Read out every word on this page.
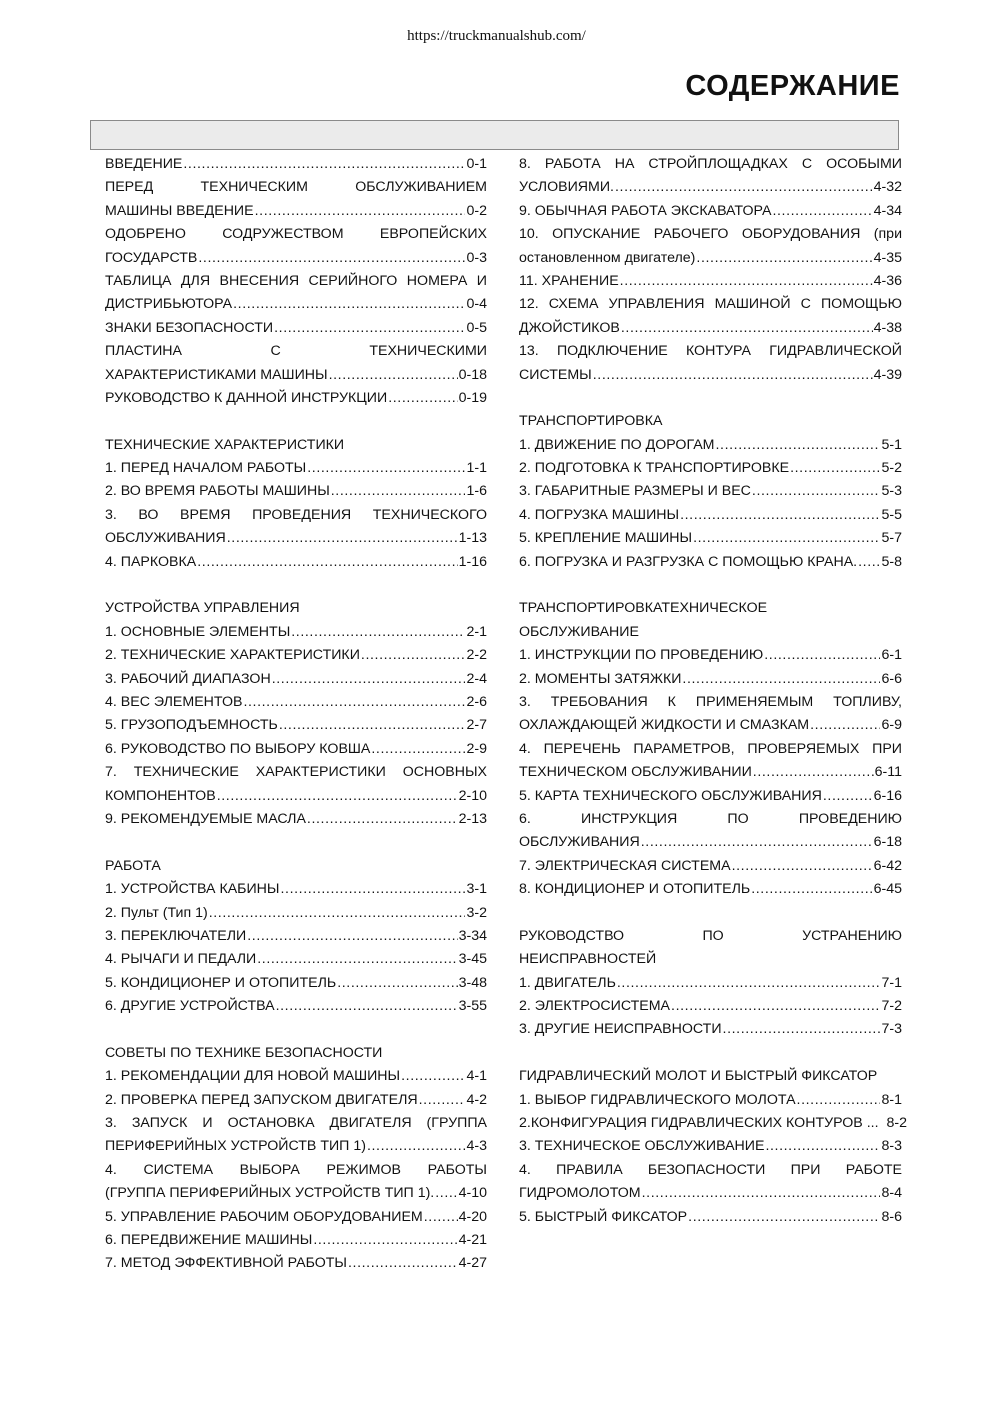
https://truckmanualshub.com/
СОДЕРЖАНИЕ
ВВЕДЕНИЕ .....	0-1
ПЕРЕД ТЕХНИЧЕСКИМ ОБСЛУЖИВАНИЕМ
МАШИНЫ ВВЕДЕНИЕ .....	0-2
ОДОБРЕНО СОДРУЖЕСТВОМ ЕВРОПЕЙСКИХ
ГОСУДАРСТВ .....	0-3
ТАБЛИЦА ДЛЯ ВНЕСЕНИЯ СЕРИЙНОГО НОМЕРА И
ДИСТРИБЬЮТОРА .....	0-4
ЗНАКИ БЕЗОПАСНОСТИ .....	0-5
ПЛАСТИНА С ТЕХНИЧЕСКИМИ
ХАРАКТЕРИСТИКАМИ МАШИНЫ .....	0-18
РУКОВОДСТВО К ДАННОЙ ИНСТРУКЦИИ .....	0-19
ТЕХНИЧЕСКИЕ ХАРАКТЕРИСТИКИ
1. ПЕРЕД НАЧАЛОМ РАБОТЫ .....	1-1
2. ВО ВРЕМЯ РАБОТЫ МАШИНЫ .....	1-6
3. ВО ВРЕМЯ ПРОВЕДЕНИЯ ТЕХНИЧЕСКОГО
ОБСЛУЖИВАНИЯ .....	1-13
4. ПАРКОВКА .....	1-16
УСТРОЙСТВА УПРАВЛЕНИЯ
1. ОСНОВНЫЕ ЭЛЕМЕНТЫ .....	2-1
2. ТЕХНИЧЕСКИЕ ХАРАКТЕРИСТИКИ .....	2-2
3. РАБОЧИЙ ДИАПАЗОН .....	2-4
4. ВЕС ЭЛЕМЕНТОВ .....	2-6
5. ГРУЗОПОДЪЕМНОСТЬ .....	2-7
6. РУКОВОДСТВО ПО ВЫБОРУ КОВША .....	2-9
7. ТЕХНИЧЕСКИЕ ХАРАКТЕРИСТИКИ ОСНОВНЫХ
КОМПОНЕНТОВ .....	2-10
9. РЕКОМЕНДУЕМЫЕ МАСЛА .....	2-13
РАБОТА
1. УСТРОЙСТВА КАБИНЫ .....	3-1
2. Пульт (Тип 1) .....	3-2
3. ПЕРЕКЛЮЧАТЕЛИ .....	3-34
4. РЫЧАГИ И ПЕДАЛИ .....	3-45
5. КОНДИЦИОНЕР И ОТОПИТЕЛЬ .....	3-48
6. ДРУГИЕ УСТРОЙСТВА .....	3-55
СОВЕТЫ ПО ТЕХНИКЕ БЕЗОПАСНОСТИ
1. РЕКОМЕНДАЦИИ ДЛЯ НОВОЙ МАШИНЫ .....	4-1
2. ПРОВЕРКА ПЕРЕД ЗАПУСКОМ ДВИГАТЕЛЯ .....	4-2
3. ЗАПУСК И ОСТАНОВКА ДВИГАТЕЛЯ (ГРУППА
ПЕРИФЕРИЙНЫХ УСТРОЙСТВ ТИП 1) .....	4-3
4. СИСТЕМА ВЫБОРА РЕЖИМОВ РАБОТЫ
(ГРУППА ПЕРИФЕРИЙНЫХ УСТРОЙСТВ ТИП 1). ..... 4-10
5. УПРАВЛЕНИЕ РАБОЧИМ ОБОРУДОВАНИЕМ .....	4-20
6. ПЕРЕДВИЖЕНИЕ МАШИНЫ .....	4-21
7. МЕТОД ЭФФЕКТИВНОЙ РАБОТЫ .....	4-27
8. РАБОТА НА СТРОЙПЛОЩАДКАХ С ОСОБЫМИ
УСЛОВИЯМИ. .....	4-32
9. ОБЫЧНАЯ РАБОТА ЭКСКАВАТОРА .....	4-34
10. ОПУСКАНИЕ РАБОЧЕГО ОБОРУДОВАНИЯ (при
остановленном двигателе) .....	4-35
11. ХРАНЕНИЕ .....	4-36
12. СХЕМА УПРАВЛЕНИЯ МАШИНОЙ С ПОМОЩЬЮ
ДЖОЙСТИКОВ .....	4-38
13. ПОДКЛЮЧЕНИЕ КОНТУРА ГИДРАВЛИЧЕСКОЙ
СИСТЕМЫ .....	4-39
ТРАНСПОРТИРОВКА
1. ДВИЖЕНИЕ ПО ДОРОГАМ .....	5-1
2. ПОДГОТОВКА К ТРАНСПОРТИРОВКЕ .....	5-2
3. ГАБАРИТНЫЕ РАЗМЕРЫ И ВЕС .....	5-3
4. ПОГРУЗКА МАШИНЫ .....	5-5
5. КРЕПЛЕНИЕ МАШИНЫ .....	5-7
6. ПОГРУЗКА И РАЗГРУЗКА С ПОМОЩЬЮ КРАНА. ..... 5-8
ТРАНСПОРТИРОВКАТЕХНИЧЕСКОЕ
ОБСЛУЖИВАНИЕ
1. ИНСТРУКЦИИ ПО ПРОВЕДЕНИЮ .....	6-1
2. МОМЕНТЫ ЗАТЯЖКИ .....	6-6
3. ТРЕБОВАНИЯ К ПРИМЕНЯЕМЫМ ТОПЛИВУ,
ОХЛАЖДАЮЩЕЙ ЖИДКОСТИ И СМАЗКАМ .....	6-9
4. ПЕРЕЧЕНЬ ПАРАМЕТРОВ, ПРОВЕРЯЕМЫХ ПРИ
ТЕХНИЧЕСКОМ ОБСЛУЖИВАНИИ .....	6-11
5. КАРТА ТЕХНИЧЕСКОГО ОБСЛУЖИВАНИЯ .....	6-16
6. ИНСТРУКЦИЯ ПО ПРОВЕДЕНИЮ
ОБСЛУЖИВАНИЯ .....	6-18
7. ЭЛЕКТРИЧЕСКАЯ СИСТЕМА .....	6-42
8. КОНДИЦИОНЕР И ОТОПИТЕЛЬ .....	6-45
РУКОВОДСТВО ПО УСТРАНЕНИЮ
НЕИСПРАВНОСТЕЙ
1. ДВИГАТЕЛЬ .....	7-1
2. ЭЛЕКТРОСИСТЕМА .....	7-2
3. ДРУГИЕ НЕИСПРАВНОСТИ .....	7-3
ГИДРАВЛИЧЕСКИЙ МОЛОТ И БЫСТРЫЙ ФИКСАТОР
1. ВЫБОР ГИДРАВЛИЧЕСКОГО МОЛОТА .....	8-1
2.КОНФИГУРАЦИЯ ГИДРАВЛИЧЕСКИХ КОНТУРОВ ... 8-2
3. ТЕХНИЧЕСКОЕ ОБСЛУЖИВАНИЕ .....	8-3
4. ПРАВИЛА БЕЗОПАСНОСТИ ПРИ РАБОТЕ
ГИДРОМОЛОТОМ .....	8-4
5. БЫСТРЫЙ ФИКСАТОР .....	8-6
